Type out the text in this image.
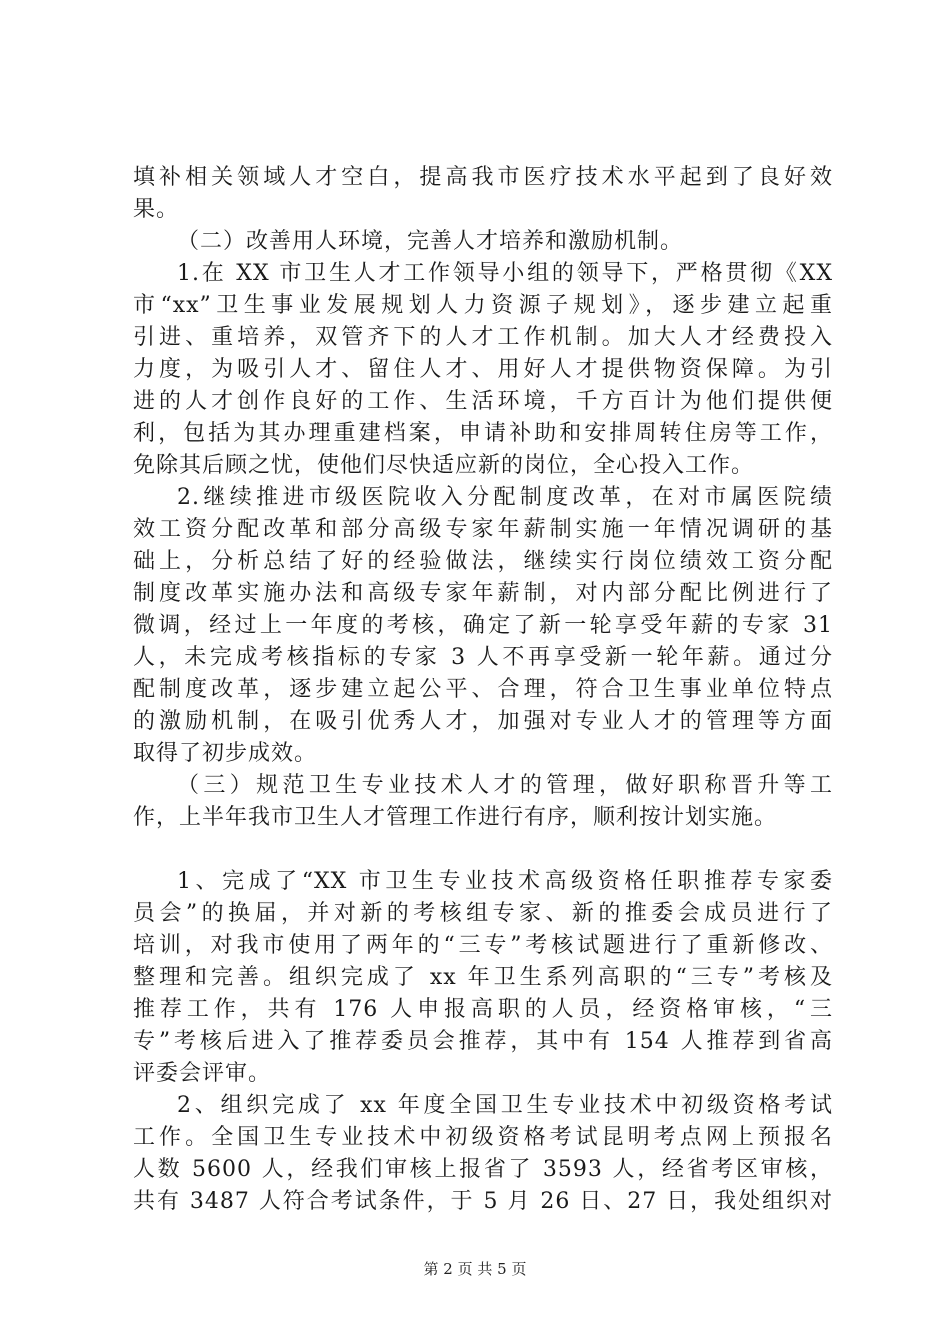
填补相关领域人才空白，提高我市医疗技术水平起到了良好效
果。
（二）改善用人环境，完善人才培养和激励机制。
1.在 XX 市卫生人才工作领导小组的领导下，严格贯彻《XX
市“xx”卫生事业发展规划人力资源子规划》，逐步建立起重
引进、重培养，双管齐下的人才工作机制。加大人才经费投入
力度，为吸引人才、留住人才、用好人才提供物资保障。为引
进的人才创作良好的工作、生活环境，千方百计为他们提供便
利，包括为其办理重建档案，申请补助和安排周转住房等工作，
免除其后顾之忧，使他们尽快适应新的岗位，全心投入工作。
2.继续推进市级医院收入分配制度改革，在对市属医院绩
效工资分配改革和部分高级专家年薪制实施一年情况调研的基
础上，分析总结了好的经验做法，继续实行岗位绩效工资分配
制度改革实施办法和高级专家年薪制，对内部分配比例进行了
微调，经过上一年度的考核，确定了新一轮享受年薪的专家 31
人，未完成考核指标的专家 3 人不再享受新一轮年薪。通过分
配制度改革，逐步建立起公平、合理，符合卫生事业单位特点
的激励机制，在吸引优秀人才，加强对专业人才的管理等方面
取得了初步成效。
（三）规范卫生专业技术人才的管理，做好职称晋升等工
作，上半年我市卫生人才管理工作进行有序，顺利按计划实施。
1、完成了“XX 市卫生专业技术高级资格任职推荐专家委
员会”的换届，并对新的考核组专家、新的推委会成员进行了
培训，对我市使用了两年的“三专”考核试题进行了重新修改、
整理和完善。组织完成了 xx 年卫生系列高职的“三专”考核及
推荐工作，共有 176 人申报高职的人员，经资格审核，“三
专”考核后进入了推荐委员会推荐，其中有 154 人推荐到省高
评委会评审。
2、组织完成了 xx 年度全国卫生专业技术中初级资格考试
工作。全国卫生专业技术中初级资格考试昆明考点网上预报名
人数 5600 人，经我们审核上报省了 3593 人，经省考区审核，
共有 3487 人符合考试条件，于 5 月 26 日、27 日，我处组织对
第 2 页 共 5 页
